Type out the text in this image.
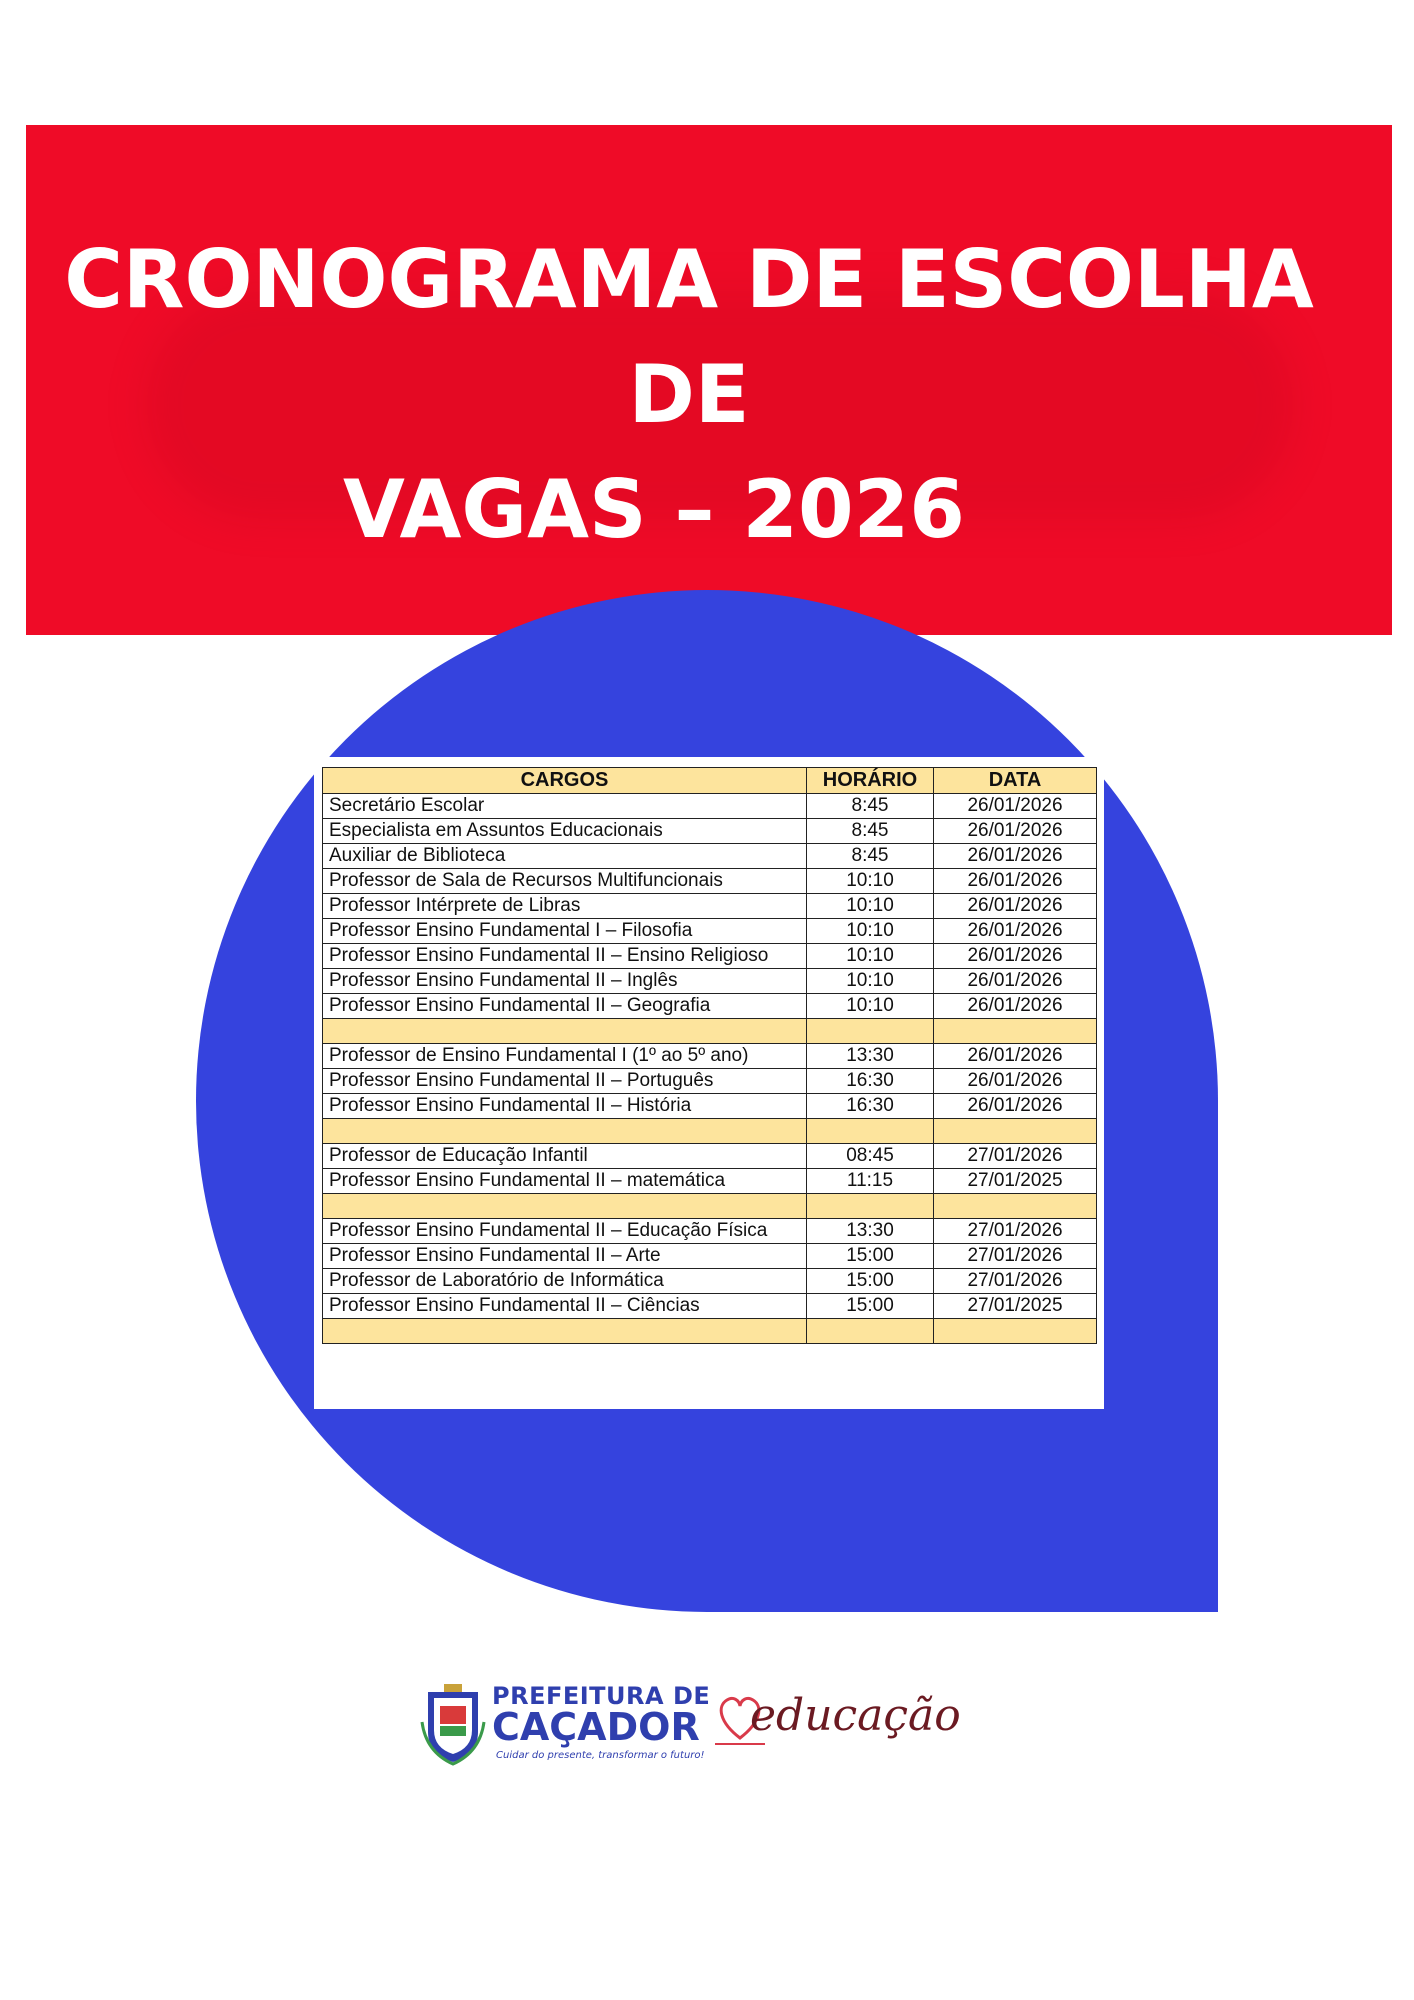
CRONOGRAMA DE ESCOLHA DE
VAGAS – 2026
CARGOS	HORÁRIO	DATA
Secretário Escolar	8:45	26/01/2026
Especialista em Assuntos Educacionais	8:45	26/01/2026
Auxiliar de Biblioteca	8:45	26/01/2026
Professor de Sala de Recursos Multifuncionais	10:10	26/01/2026
Professor Intérprete de Libras	10:10	26/01/2026
Professor Ensino Fundamental I – Filosofia	10:10	26/01/2026
Professor Ensino Fundamental II – Ensino Religioso	10:10	26/01/2026
Professor Ensino Fundamental II – Inglês	10:10	26/01/2026
Professor Ensino Fundamental II – Geografia	10:10	26/01/2026

Professor de Ensino Fundamental I (1º ao 5º ano)	13:30	26/01/2026
Professor Ensino Fundamental II – Português	16:30	26/01/2026
Professor Ensino Fundamental II – História	16:30	26/01/2026

Professor de Educação Infantil	08:45	27/01/2026
Professor Ensino Fundamental II – matemática	11:15	27/01/2025

Professor Ensino Fundamental II – Educação Física	13:30	27/01/2026
Professor Ensino Fundamental II – Arte	15:00	27/01/2026
Professor de Laboratório de Informática	15:00	27/01/2026
Professor Ensino Fundamental II – Ciências	15:00	27/01/2025

PREFEITURA DE
CAÇADOR
Cuidar do presente, transformar o futuro!
educação
